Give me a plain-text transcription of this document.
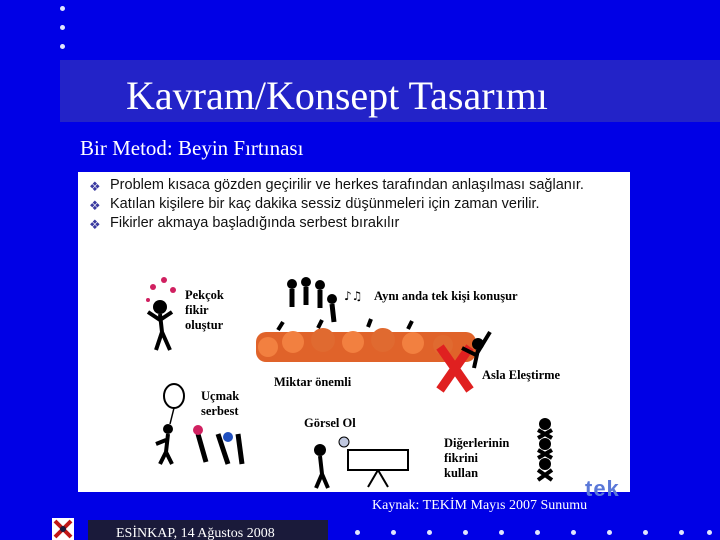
Kavram/Konsept Tasarımı
Bir Metod: Beyin Fırtınası
❖ Problem kısaca gözden geçirilir ve herkes tarafından anlaşılması sağlanır.
❖ Katılan kişilere bir kaç dakika sessiz düşünmeleri için zaman verilir.
❖ Fikirler akmaya başladığında serbest bırakılır
♪♫
Pekçok
fikir
oluştur
Aynı anda tek kişi konuşur
Miktar önemli	Asla Eleştirme
Uçmak
serbest
Görsel Ol
Diğerlerinin
fikrini
kullan
tek
Kaynak: TEKİM Mayıs 2007 Sunumu
ESİNKAP, 14 Ağustos 2008
